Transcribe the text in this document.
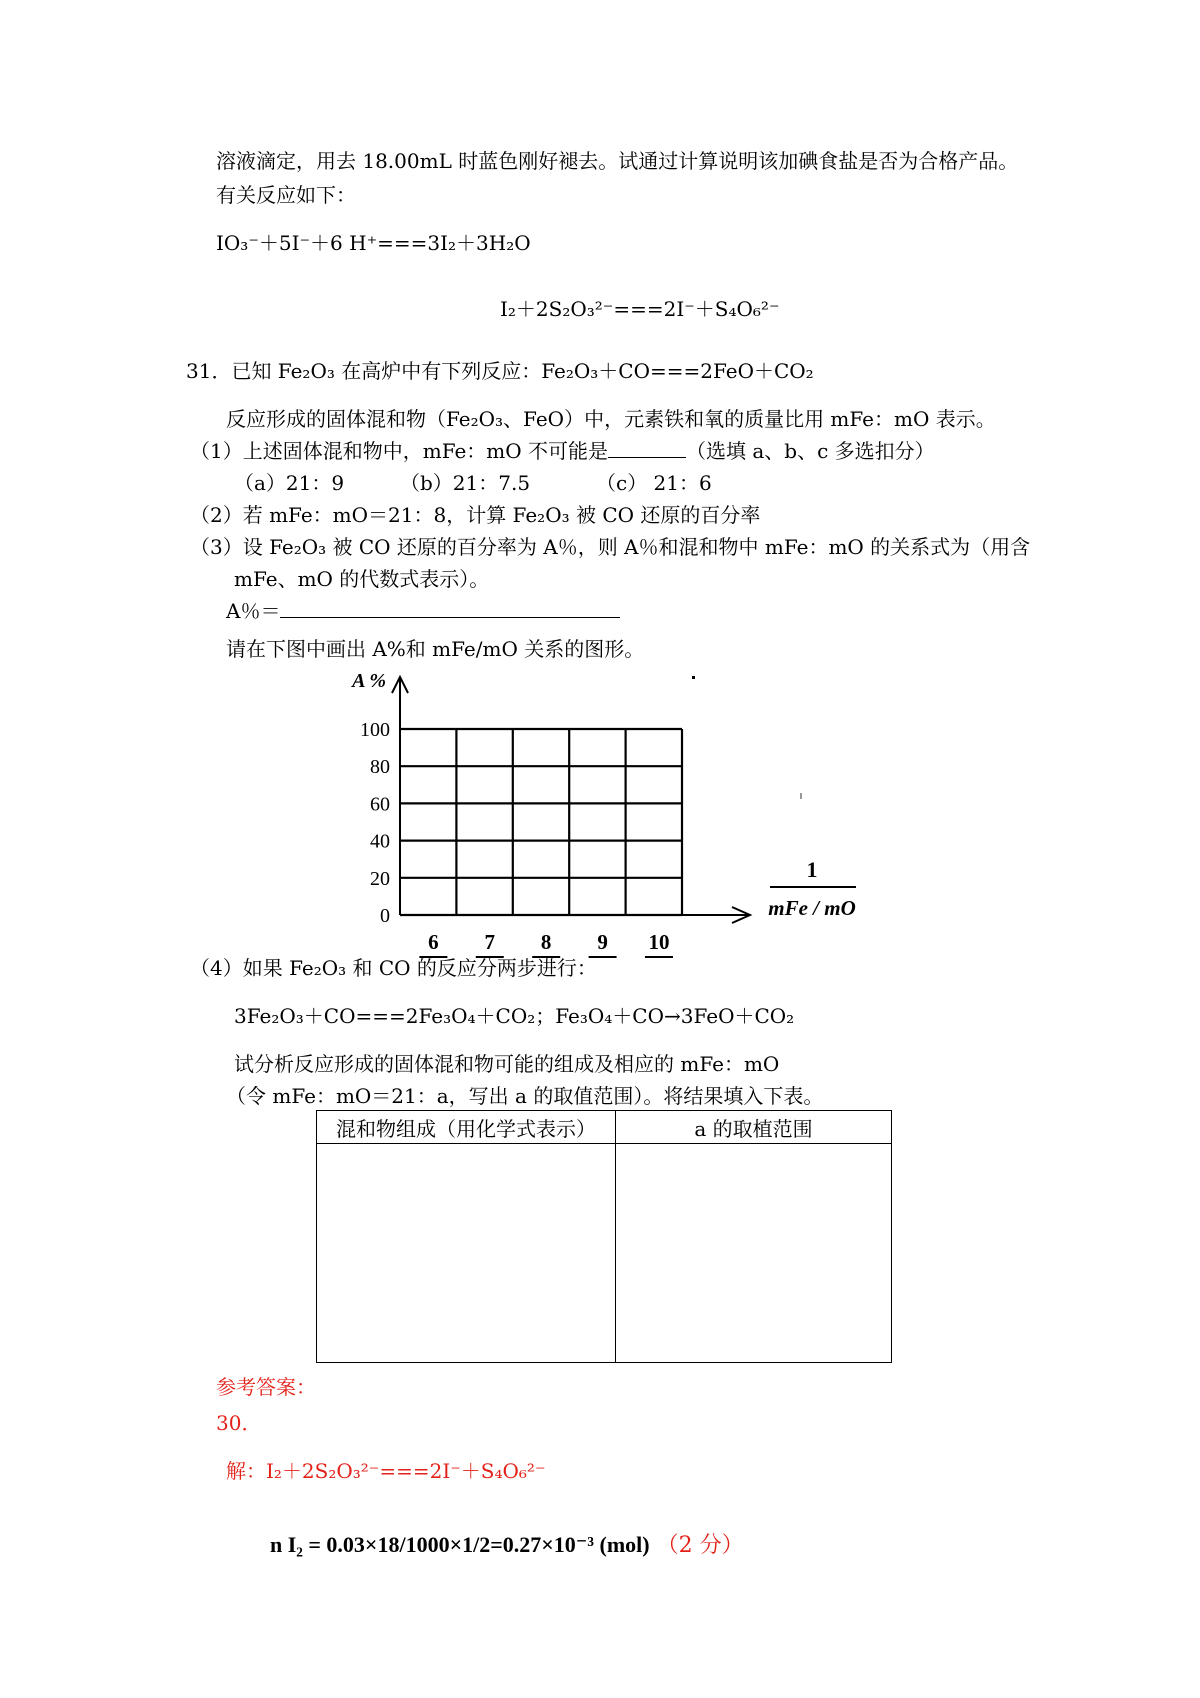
溶液滴定，用去 18.00mL 时蓝色刚好褪去。试通过计算说明该加碘食盐是否为合格产品。
有关反应如下：
IO₃⁻＋5I⁻＋6 H⁺===3I₂＋3H₂O
I₂＋2S₂O₃²⁻===2I⁻＋S₄O₆²⁻
31．已知 Fe₂O₃ 在高炉中有下列反应：Fe₂O₃＋CO===2FeO＋CO₂
反应形成的固体混和物（Fe₂O₃、FeO）中，元素铁和氧的质量比用 mFe：mO 表示。
（1）上述固体混和物中，mFe：mO 不可能是	（选填 a、b、c 多选扣分）
（a）21：9	（b）21：7.5	（c） 21：6
（2）若 mFe：mO＝21：8，计算 Fe₂O₃ 被 CO 还原的百分率
（3）设 Fe₂O₃ 被 CO 还原的百分率为 A％，则 A％和混和物中 mFe：mO 的关系式为（用含
mFe、mO 的代数式表示）。
A％＝
请在下图中画出 A%和 mFe/mO 关系的图形。
A %
100
80
60
40
20
0
6 7 8 9 10
1
mFe / mO
（4）如果 Fe₂O₃ 和 CO 的反应分两步进行：
3Fe₂O₃＋CO===2Fe₃O₄＋CO₂；Fe₃O₄＋CO→3FeO＋CO₂
试分析反应形成的固体混和物可能的组成及相应的 mFe：mO
（令 mFe：mO＝21：a，写出 a 的取值范围）。将结果填入下表。
混和物组成（用化学式表示）	a 的取植范围

参考答案：
30．
解：I₂＋2S₂O₃²⁻===2I⁻＋S₄O₆²⁻
n I₂ = 0.03×18/1000×1/2=0.27×10⁻³ (mol) （2 分）
